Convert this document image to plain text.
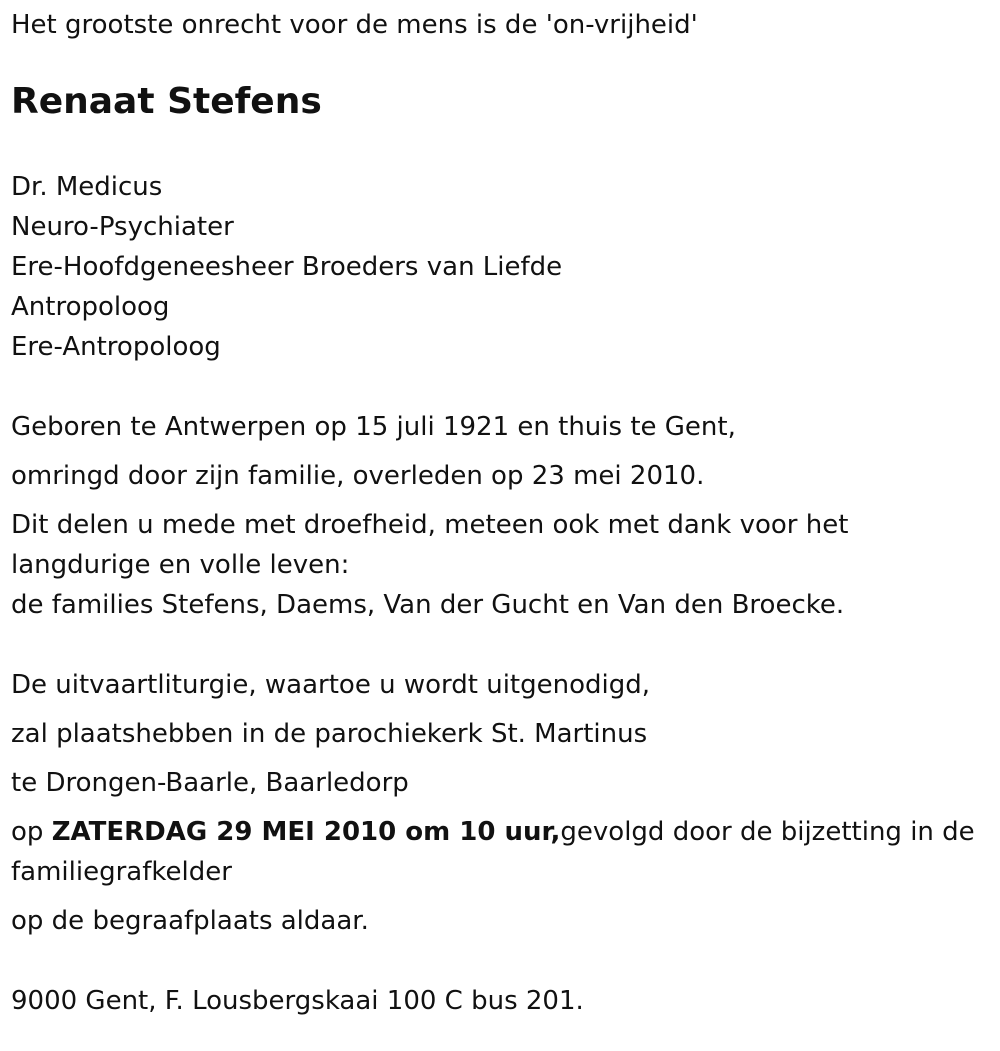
Het grootste onrecht voor de mens is de 'on-vrijheid'
Renaat Stefens
Dr. Medicus
Neuro-Psychiater
Ere-Hoofdgeneesheer Broeders van Liefde
Antropoloog
Ere-Antropoloog
Geboren te Antwerpen op 15 juli 1921 en thuis te Gent,
omringd door zijn familie, overleden op 23 mei 2010.
Dit delen u mede met droefheid, meteen ook met dank voor het langdurige en volle leven:
de families Stefens, Daems, Van der Gucht en Van den Broecke.
De uitvaartliturgie, waartoe u wordt uitgenodigd,
zal plaatshebben in de parochiekerk St. Martinus
te Drongen-Baarle, Baarledorp
op ZATERDAG 29 MEI 2010 om 10 uur,gevolgd door de bijzetting in de familiegrafkelder
op de begraafplaats aldaar.
9000 Gent, F. Lousbergskaai 100 C bus 201.
